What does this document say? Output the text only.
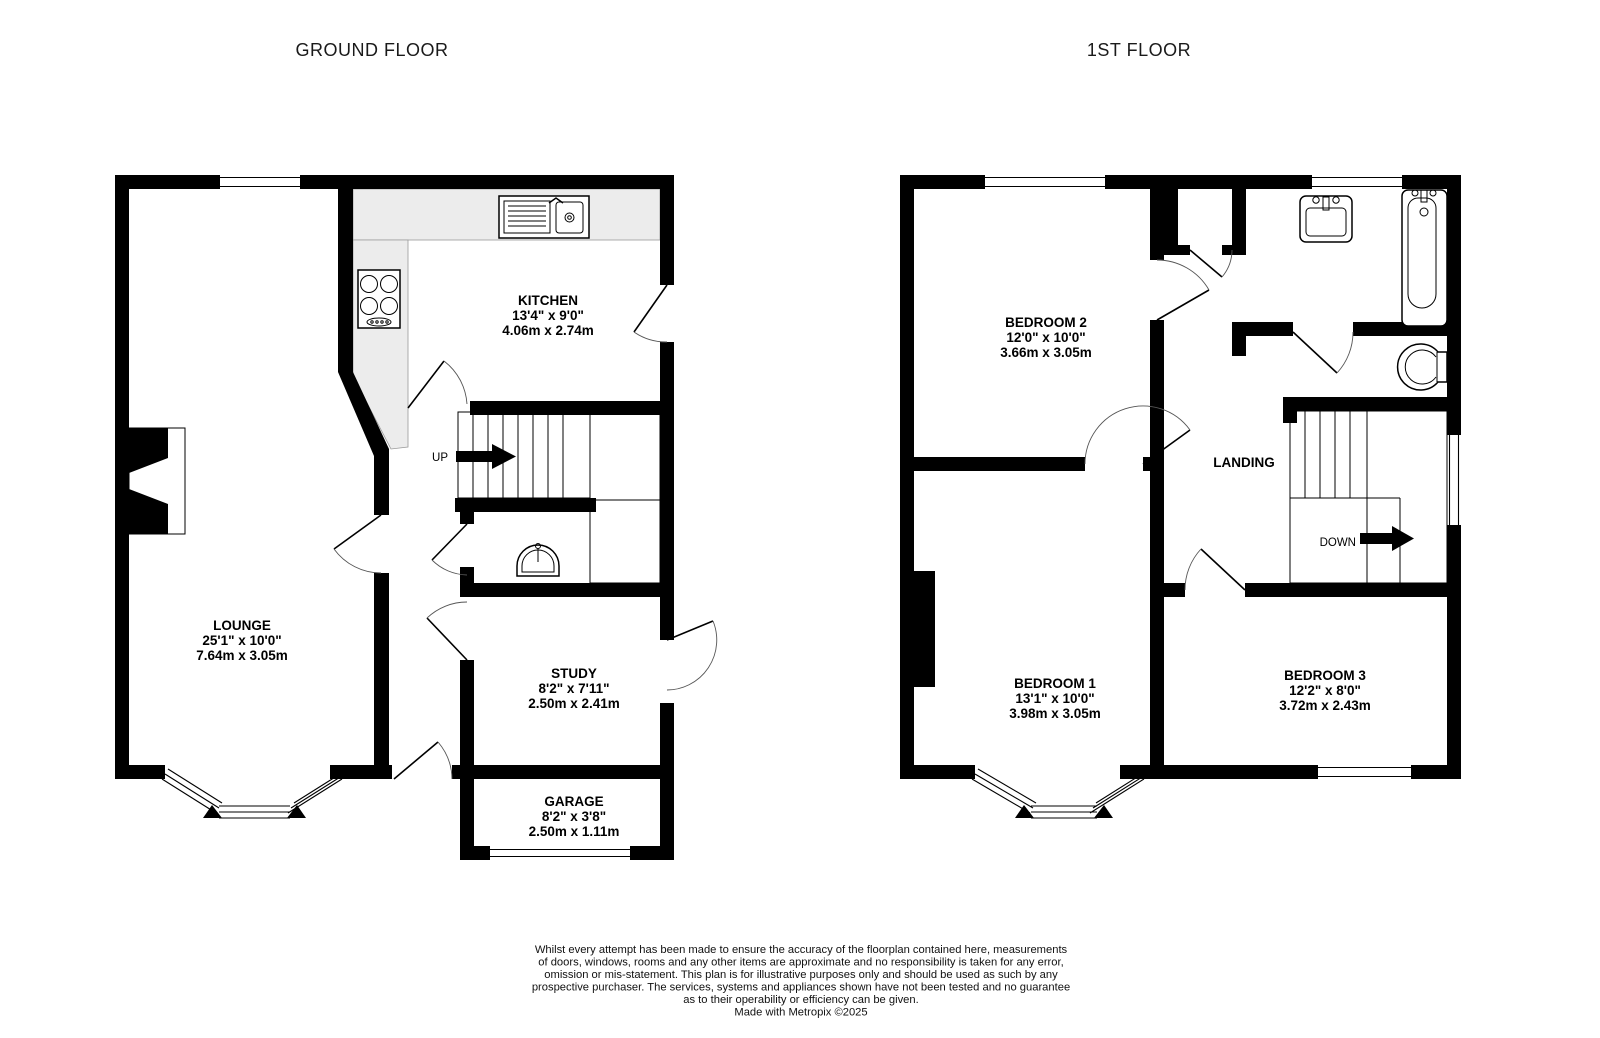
GROUND FLOOR	1ST FLOOR
UP
LOUNGE
25'1" x 10'0"
7.64m x 3.05m
KITCHEN
13'4" x 9'0"
4.06m x 2.74m
STUDY
8'2" x 7'11"
2.50m x 2.41m
GARAGE
8'2" x 3'8"
2.50m x 1.11m
DOWN
BEDROOM 2
12'0" x 10'0"
3.66m x 3.05m
BEDROOM 1
13'1" x 10'0"
3.98m x 3.05m
BEDROOM 3
12'2" x 8'0"
3.72m x 2.43m
LANDING
Whilst every attempt has been made to ensure the accuracy of the floorplan contained here, measurements
of doors, windows, rooms and any other items are approximate and no responsibility is taken for any error,
omission or mis-statement. This plan is for illustrative purposes only and should be used as such by any
prospective purchaser. The services, systems and appliances shown have not been tested and no guarantee
as to their operability or efficiency can be given.
Made with Metropix ©2025
